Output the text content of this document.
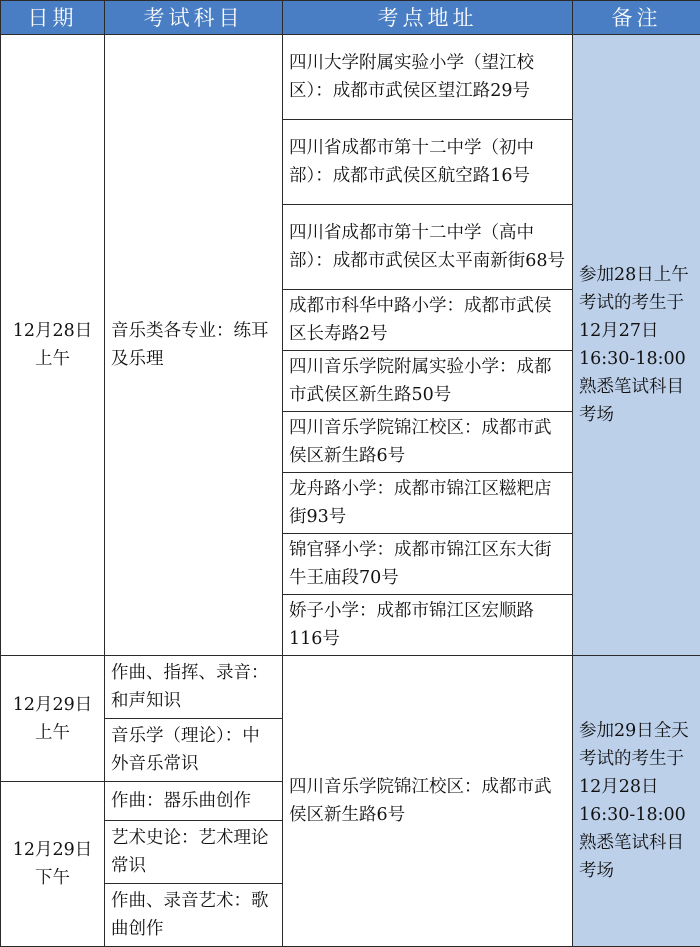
日期	考试科目	考点地址	备注

12月28日
上午	音乐类各专业：练耳及乐理	四川大学附属实验小学（望江校区）：成都市武侯区望江路29号	参加28日上午考试的考生于12月27日16:30-18:00熟悉笔试科目考场
		四川省成都市第十二中学（初中部）：成都市武侯区航空路16号	
		四川省成都市第十二中学（高中部）：成都市武侯区太平南新街68号	
		成都市科华中路小学：成都市武侯区长寿路2号	
		四川音乐学院附属实验小学：成都市武侯区新生路50号	
		四川音乐学院锦江校区：成都市武侯区新生路6号	
		龙舟路小学：成都市锦江区糍粑店街93号	
		锦官驿小学：成都市锦江区东大街牛王庙段70号	
		娇子小学：成都市锦江区宏顺路116号	

12月29日
上午	作曲、指挥、录音：和声知识	四川音乐学院锦江校区：成都市武侯区新生路6号	参加29日全天考试的考生于12月28日16:30-18:00熟悉笔试科目考场
	音乐学（理论）：中外音乐常识		

12月29日
下午	作曲：器乐曲创作		
	艺术史论：艺术理论常识		
	作曲、录音艺术：歌曲创作		
